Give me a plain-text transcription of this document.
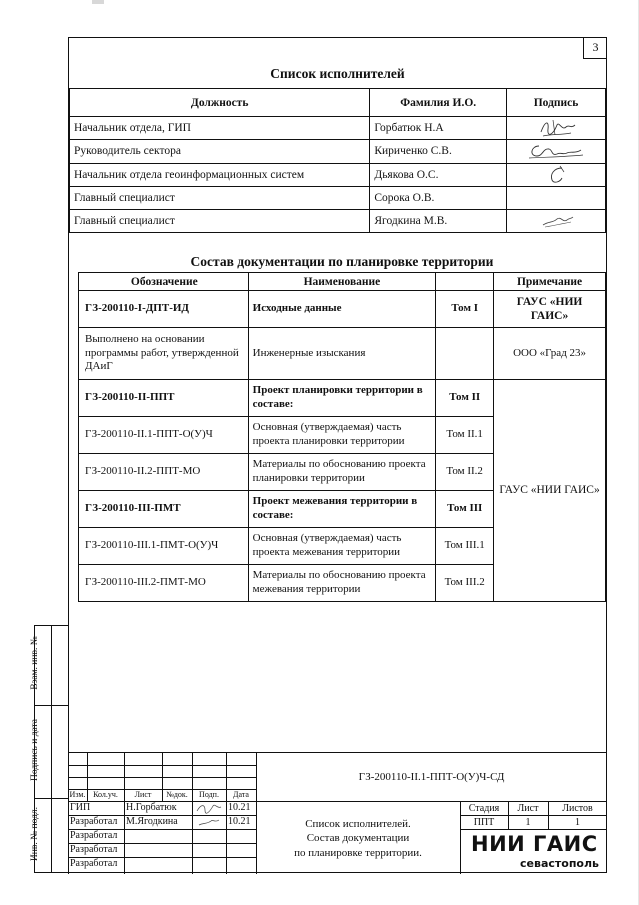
3
Список исполнителей
Должность	Фамилия И.О.	Подпись
Начальник отдела, ГИП	Горбатюк Н.А	

Руководитель сектора	Кириченко С.В.	

Начальник отдела геоинформационных систем	Дьякова О.С.	

Главный специалист	Сорока О.В.	
Главный специалист	Ягодкина М.В.	
Состав документации по планировке территории
Обозначение	Наименование		Примечание
ГЗ-200110-I-ДПТ-ИД	Исходные данные	Том I	ГАУС «НИИ ГАИС»
Выполнено на основании программы работ, утвержденной ДАиГ	Инженерные изыскания		ООО «Град 23»
ГЗ-200110-II-ППТ	Проект планировки территории в составе:	Том II	ГАУС «НИИ ГАИС»
ГЗ-200110-II.1-ППТ-О(У)Ч	Основная (утверждаемая) часть проекта планировки территории	Том II.1	
ГЗ-200110-II.2-ППТ-МО	Материалы по обоснованию проекта планировки территории	Том II.2	
ГЗ-200110-III-ПМТ	Проект межевания территории в составе:	Том III	
ГЗ-200110-III.1-ПМТ-О(У)Ч	Основная (утверждаемая) часть проекта межевания территории	Том III.1	
ГЗ-200110-III.2-ПМТ-МО	Материалы по обоснованию проекта межевания территории	Том III.2	
Изм. Кол.уч.	Лист	№док.	Подп.	Дата
ГЗ-200110-II.1-ППТ-О(У)Ч-СД
ГИП	Н.Горбатюк	10.21
Разработал М.Ягодкина	10.21
Разработал
Разработал
Разработал
Список исполнителей.
Состав документации
по планировке территории.
Стадия	Лист	Листов
ППТ	1	1
НИИ ГАИС
севастополь
Взам. инв. №
Подпись и дата
Инв. № подл.
